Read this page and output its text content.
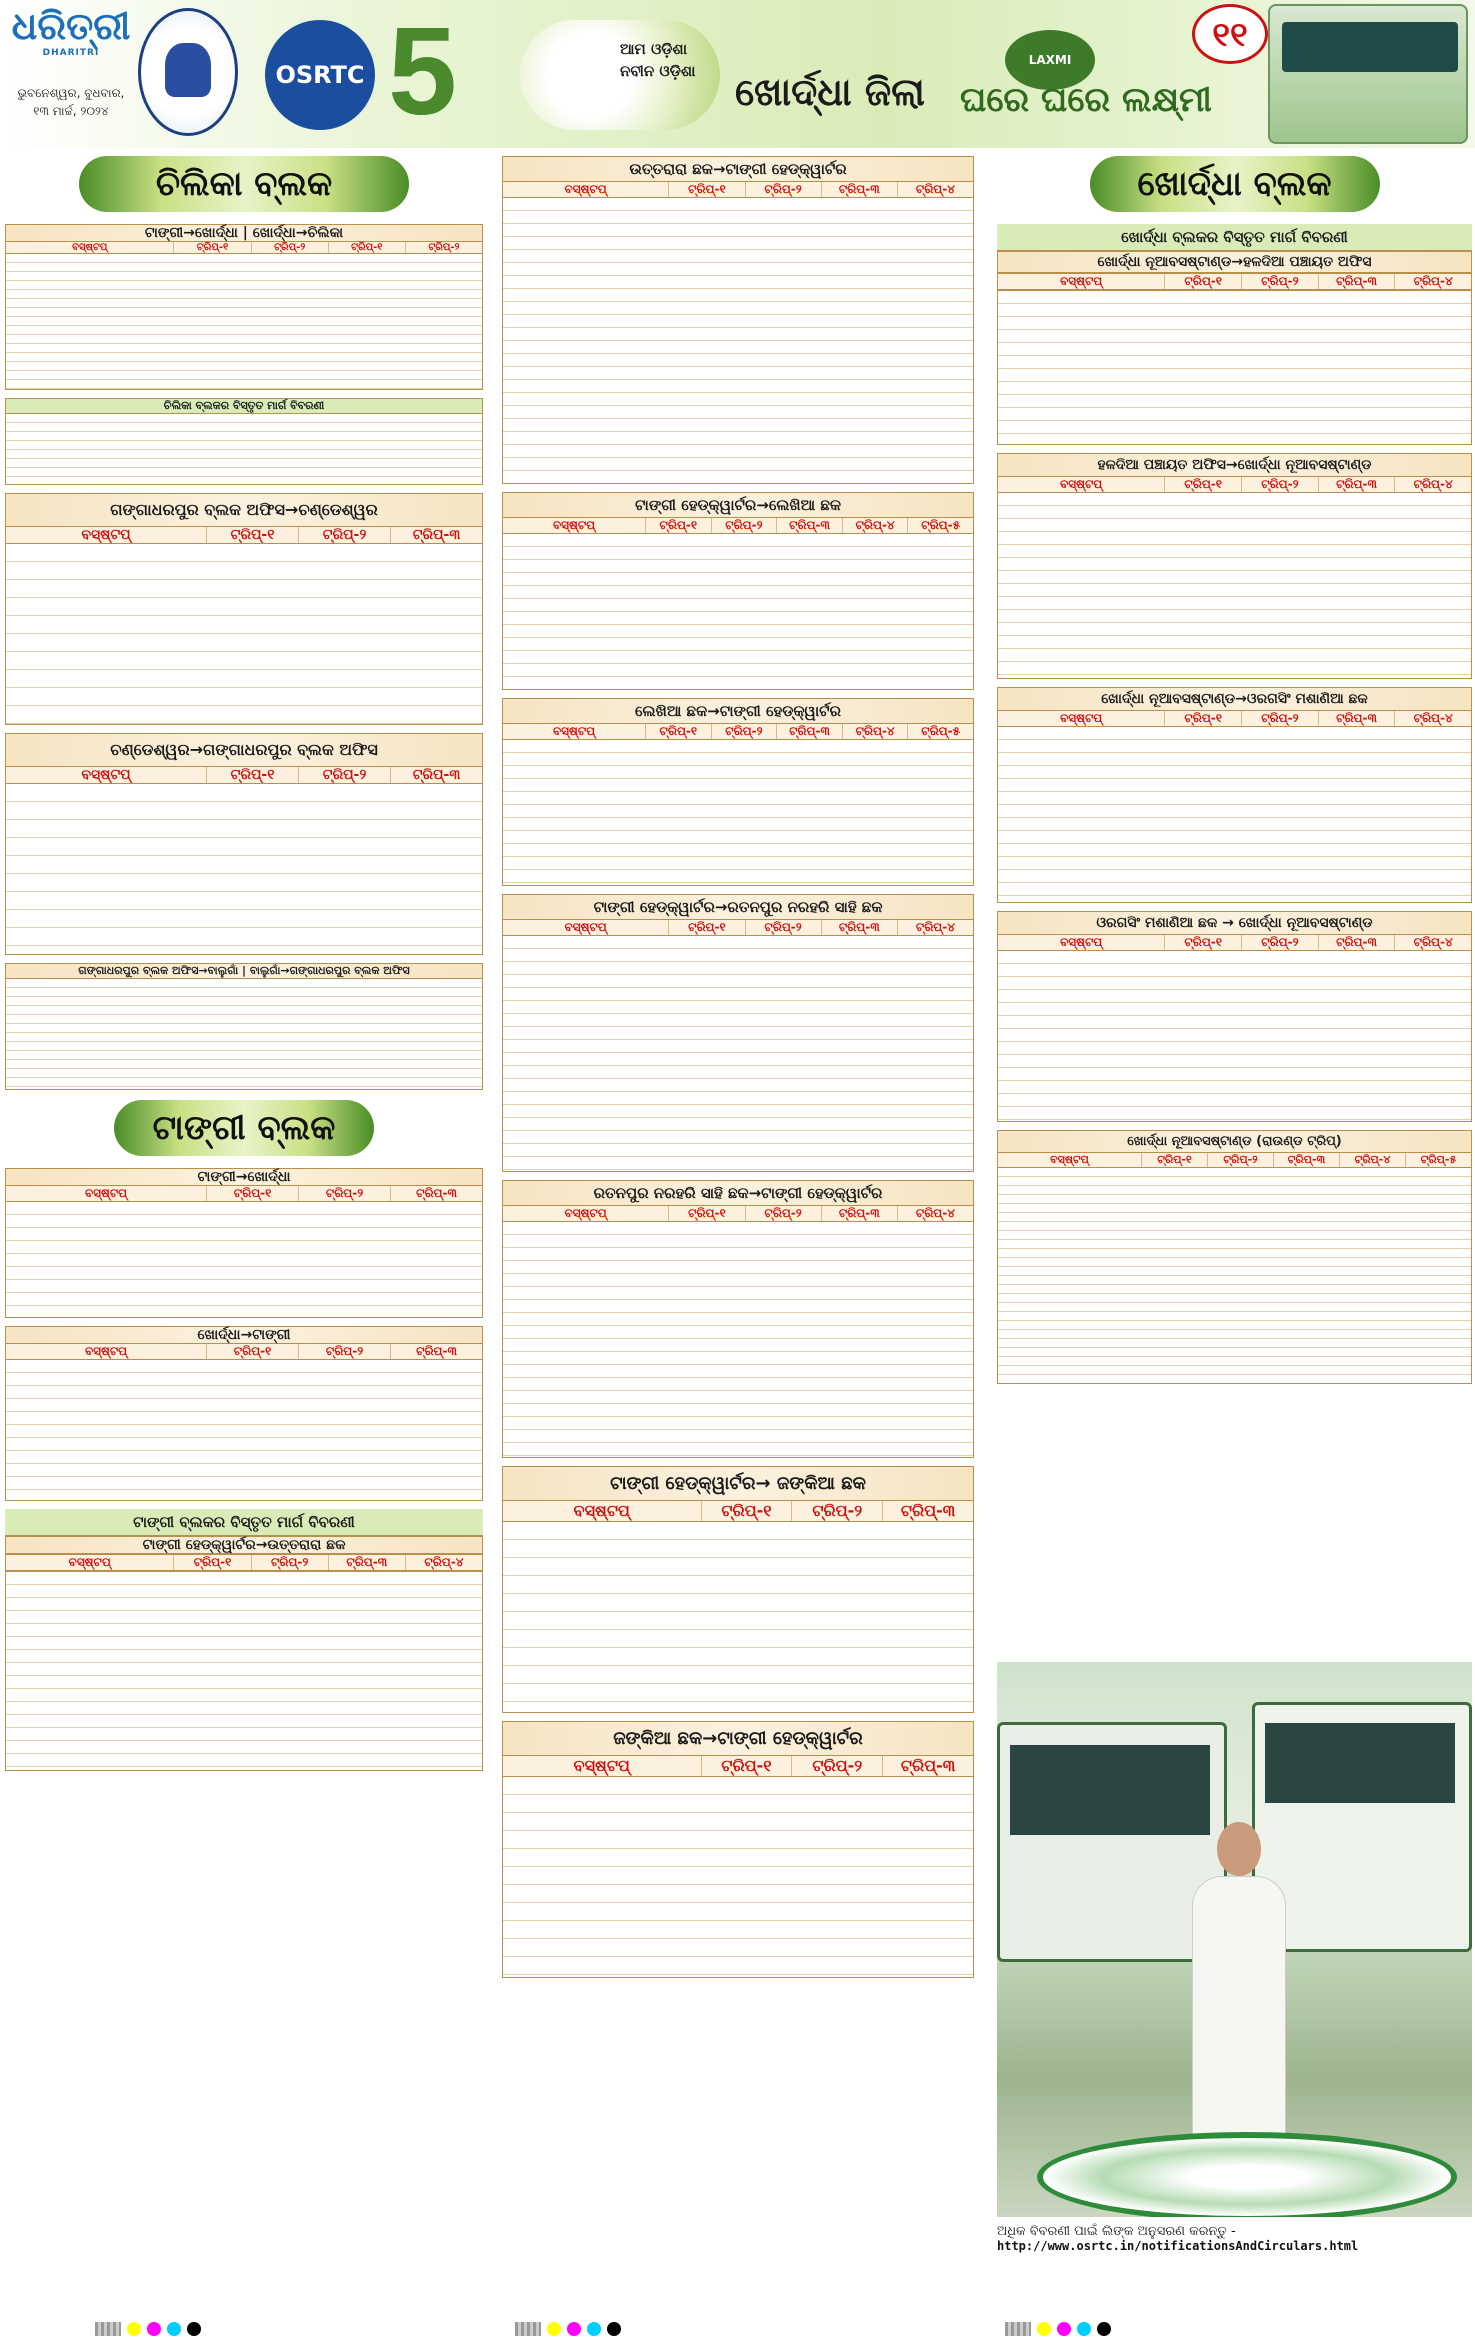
ଧରିତ୍ରୀ
DHARITRI
ଭୁବନେଶ୍ୱର, ବୁଧବାର,
୧୩ ମାର୍ଚ୍ଚ, ୨୦୨୪
OSRTC 5	ଆମ ଓଡ଼ିଶା
ନବୀନ ଓଡ଼ିଶା ଖୋର୍ଦ୍ଧା ଜିଲା
LAXMI
ଘରେ ଘରେ ଲକ୍ଷ୍ମୀ
୧୧
ଚିଲିକା ବ୍ଲକ
ଟାଙ୍ଗୀ→ଖୋର୍ଦ୍ଧା | ଖୋର୍ଦ୍ଧା→ଚିଲିକା
ବସ୍‌ଷ୍ଟପ୍	ଟ୍ରିପ୍-୧	ଟ୍ରିପ୍-୨	ଟ୍ରିପ୍-୧	ଟ୍ରିପ୍-୨
ଚିଲିକା ବ୍ଲକର ବିସ୍ତୃତ ମାର୍ଗ ବିବରଣୀ
ଗଙ୍ଗାଧରପୁର ବ୍ଲକ ଅଫିସ→ଚଣ୍ଡେଶ୍ୱର
ବସ୍‌ଷ୍ଟପ୍	ଟ୍ରିପ୍-୧	ଟ୍ରିପ୍-୨	ଟ୍ରିପ୍-୩
ଚଣ୍ଡେଶ୍ୱର→ଗଙ୍ଗାଧରପୁର ବ୍ଲକ ଅଫିସ
ବସ୍‌ଷ୍ଟପ୍	ଟ୍ରିପ୍-୧	ଟ୍ରିପ୍-୨	ଟ୍ରିପ୍-୩
ଗଙ୍ଗାଧରପୁର ବ୍ଲକ ଅଫିସ→ବାଲୁଗାଁ | ବାଲୁଗାଁ→ଗଙ୍ଗାଧରପୁର ବ୍ଲକ ଅଫିସ
ଟାଙ୍ଗୀ ବ୍ଲକ
ଟାଙ୍ଗୀ→ଖୋର୍ଦ୍ଧା
ବସ୍‌ଷ୍ଟପ୍	ଟ୍ରିପ୍-୧	ଟ୍ରିପ୍-୨	ଟ୍ରିପ୍-୩
ଖୋର୍ଦ୍ଧା→ଟାଙ୍ଗୀ
ବସ୍‌ଷ୍ଟପ୍	ଟ୍ରିପ୍-୧	ଟ୍ରିପ୍-୨	ଟ୍ରିପ୍-୩
ଟାଙ୍ଗୀ ବ୍ଲକର ବିସ୍ତୃତ ମାର୍ଗ ବିବରଣୀ
ଟାଙ୍ଗୀ ହେଡ୍‌କ୍ୱାର୍ଟର→ଉତ୍ତରାରା ଛକ
ବସ୍‌ଷ୍ଟପ୍	ଟ୍ରିପ୍-୧	ଟ୍ରିପ୍-୨	ଟ୍ରିପ୍-୩	ଟ୍ରିପ୍-୪
ଉତ୍ତରାରା ଛକ→ଟାଙ୍ଗୀ ହେଡ୍‌କ୍ୱାର୍ଟର
ବସ୍‌ଷ୍ଟପ୍	ଟ୍ରିପ୍-୧	ଟ୍ରିପ୍-୨	ଟ୍ରିପ୍-୩	ଟ୍ରିପ୍-୪
ଟାଙ୍ଗୀ ହେଡ୍‌କ୍ୱାର୍ଟର→ଲେଖିଆ ଛକ
ବସ୍‌ଷ୍ଟପ୍	ଟ୍ରିପ୍-୧	ଟ୍ରିପ୍-୨	ଟ୍ରିପ୍-୩	ଟ୍ରିପ୍-୪	ଟ୍ରିପ୍-୫
ଲେଖିଆ ଛକ→ଟାଙ୍ଗୀ ହେଡ୍‌କ୍ୱାର୍ଟର
ବସ୍‌ଷ୍ଟପ୍	ଟ୍ରିପ୍-୧	ଟ୍ରିପ୍-୨	ଟ୍ରିପ୍-୩	ଟ୍ରିପ୍-୪	ଟ୍ରିପ୍-୫
ଟାଙ୍ଗୀ ହେଡ୍‌କ୍ୱାର୍ଟର→ରତନପୁର ନରହରି ସାହି ଛକ
ବସ୍‌ଷ୍ଟପ୍	ଟ୍ରିପ୍-୧	ଟ୍ରିପ୍-୨	ଟ୍ରିପ୍-୩	ଟ୍ରିପ୍-୪
ରତନପୁର ନରହରି ସାହି ଛକ→ଟାଙ୍ଗୀ ହେଡ୍‌କ୍ୱାର୍ଟର
ବସ୍‌ଷ୍ଟପ୍	ଟ୍ରିପ୍-୧	ଟ୍ରିପ୍-୨	ଟ୍ରିପ୍-୩	ଟ୍ରିପ୍-୪
ଟାଙ୍ଗୀ ହେଡ୍‌କ୍ୱାର୍ଟର→ ଜଙ୍କିଆ ଛକ
ବସ୍‌ଷ୍ଟପ୍	ଟ୍ରିପ୍-୧	ଟ୍ରିପ୍-୨	ଟ୍ରିପ୍-୩
ଜଙ୍କିଆ ଛକ→ଟାଙ୍ଗୀ ହେଡ୍‌କ୍ୱାର୍ଟର
ବସ୍‌ଷ୍ଟପ୍	ଟ୍ରିପ୍-୧	ଟ୍ରିପ୍-୨	ଟ୍ରିପ୍-୩
ଖୋର୍ଦ୍ଧା ବ୍ଲକ
ଖୋର୍ଦ୍ଧା ବ୍ଲକର ବିସ୍ତୃତ ମାର୍ଗ ବିବରଣୀ
ଖୋର୍ଦ୍ଧା ନୂଆବସଷ୍ଟାଣ୍ଡ→ହଳଦିଆ ପଞ୍ଚାୟତ ଅଫିସ
ବସ୍‌ଷ୍ଟପ୍	ଟ୍ରିପ୍-୧	ଟ୍ରିପ୍-୨	ଟ୍ରିପ୍-୩	ଟ୍ରିପ୍-୪
ହଳଦିଆ ପଞ୍ଚାୟତ ଅଫିସ→ଖୋର୍ଦ୍ଧା ନୂଆବସଷ୍ଟାଣ୍ଡ
ବସ୍‌ଷ୍ଟପ୍	ଟ୍ରିପ୍-୧	ଟ୍ରିପ୍-୨	ଟ୍ରିପ୍-୩	ଟ୍ରିପ୍-୪
ଖୋର୍ଦ୍ଧା ନୂଆବସଷ୍ଟାଣ୍ଡ→ଓରଗସିଂ ମଶାଣିଆ ଛକ
ବସ୍‌ଷ୍ଟପ୍	ଟ୍ରିପ୍-୧	ଟ୍ରିପ୍-୨	ଟ୍ରିପ୍-୩	ଟ୍ରିପ୍-୪
ଓରଗସିଂ ମଶାଣିଆ ଛକ → ଖୋର୍ଦ୍ଧା ନୂଆବସଷ୍ଟାଣ୍ଡ
ବସ୍‌ଷ୍ଟପ୍	ଟ୍ରିପ୍-୧	ଟ୍ରିପ୍-୨	ଟ୍ରିପ୍-୩	ଟ୍ରିପ୍-୪
ଖୋର୍ଦ୍ଧା ନୂଆବସଷ୍ଟାଣ୍ଡ (ରାଉଣ୍ଡ ଟ୍ରିପ୍)
ବସ୍‌ଷ୍ଟପ୍	ଟ୍ରିପ୍-୧	ଟ୍ରିପ୍-୨	ଟ୍ରିପ୍-୩	ଟ୍ରିପ୍-୪	ଟ୍ରିପ୍-୫
ଅଧିକ ବିବରଣୀ ପାଇଁ ଲିଙ୍କ ଅନୁସରଣ କରନ୍ତୁ - http://www.osrtc.in/notificationsAndCirculars.html
